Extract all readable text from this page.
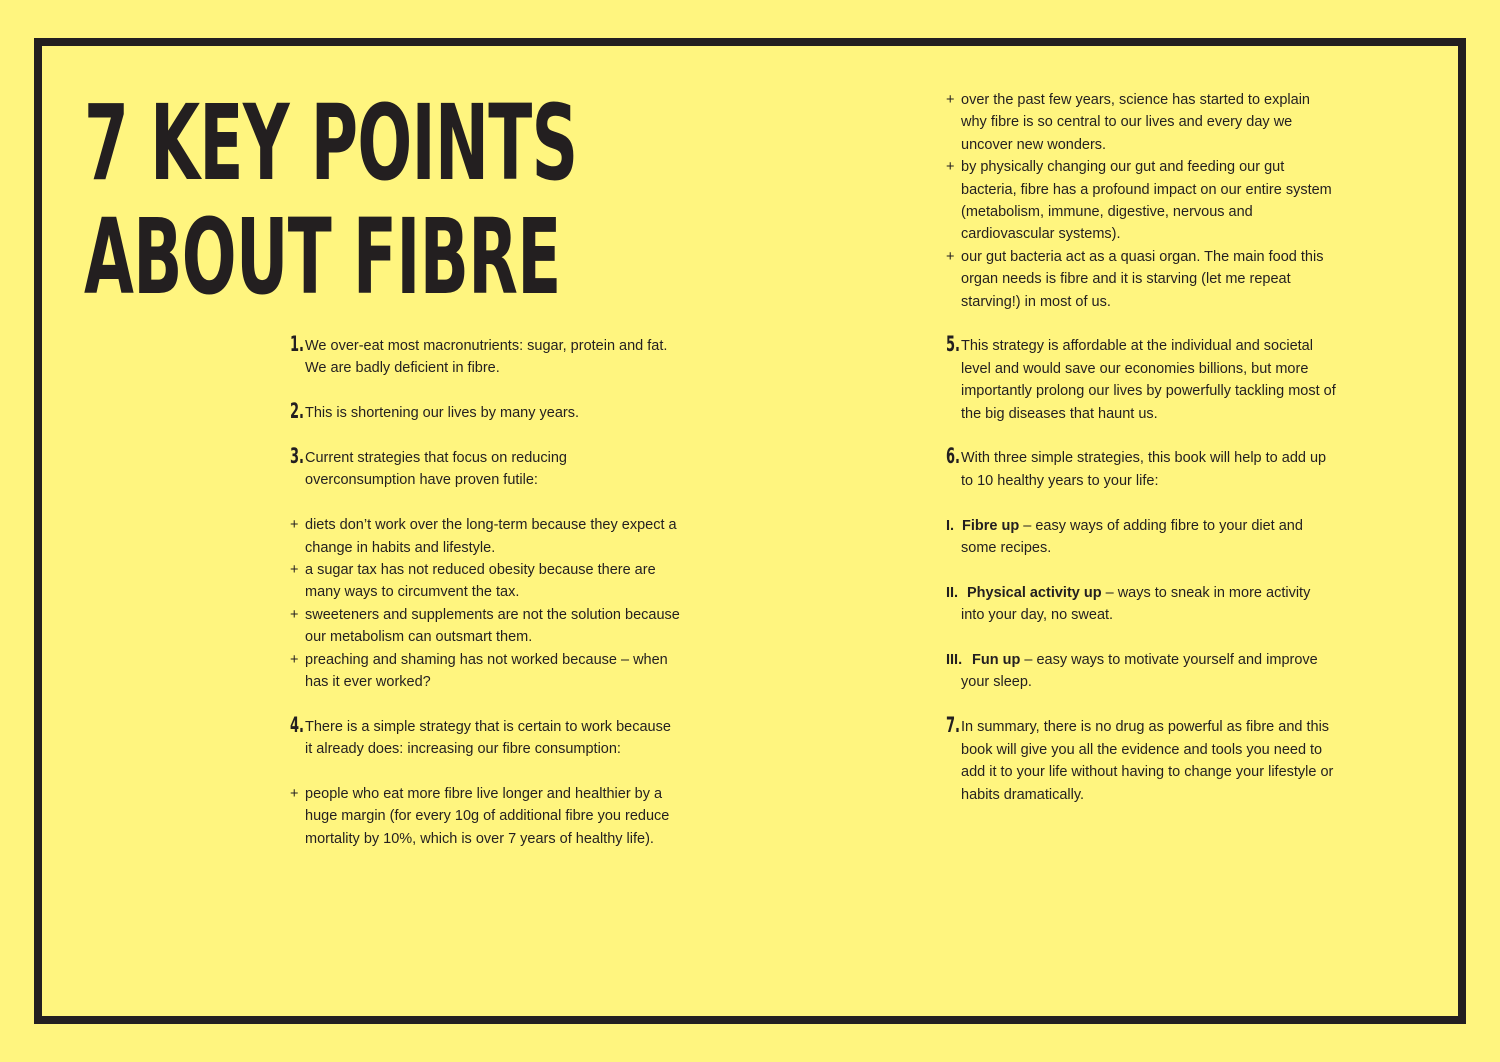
7 KEY POINTS
ABOUT FIBRE

1. We over-eat most macronutrients: sugar, protein and fat. We are badly deficient in fibre.

2. This is shortening our lives by many years.

3. Current strategies that focus on reducing overconsumption have proven futile:

+ diets don’t work over the long-term because they expect a change in habits and lifestyle.

+ a sugar tax has not reduced obesity because there are many ways to circumvent the tax.

+ sweeteners and supplements are not the solution because our metabolism can outsmart them.

+ preaching and shaming has not worked because – when has it ever worked?

4. There is a simple strategy that is certain to work because it already does: increasing our fibre consumption:

+ people who eat more fibre live longer and healthier by a huge margin (for every 10g of additional fibre you reduce mortality by 10%, which is over 7 years of healthy life).

+ over the past few years, science has started to explain why fibre is so central to our lives and every day we uncover new wonders.

+ by physically changing our gut and feeding our gut bacteria, fibre has a profound impact on our entire system (metabolism, immune, digestive, nervous and cardiovascular systems).

+ our gut bacteria act as a quasi organ. The main food this organ needs is fibre and it is starving (let me repeat starving!) in most of us.

5. This strategy is affordable at the individual and societal level and would save our economies billions, but more importantly prolong our lives by powerfully tackling most of the big diseases that haunt us.

6. With three simple strategies, this book will help to add up to 10 healthy years to your life:

I. Fibre up – easy ways of adding fibre to your diet and some recipes.

II. Physical activity up – ways to sneak in more activity into your day, no sweat.

III. Fun up – easy ways to motivate yourself and improve your sleep.

7. In summary, there is no drug as powerful as fibre and this book will give you all the evidence and tools you need to add it to your life without having to change your lifestyle or habits dramatically.
